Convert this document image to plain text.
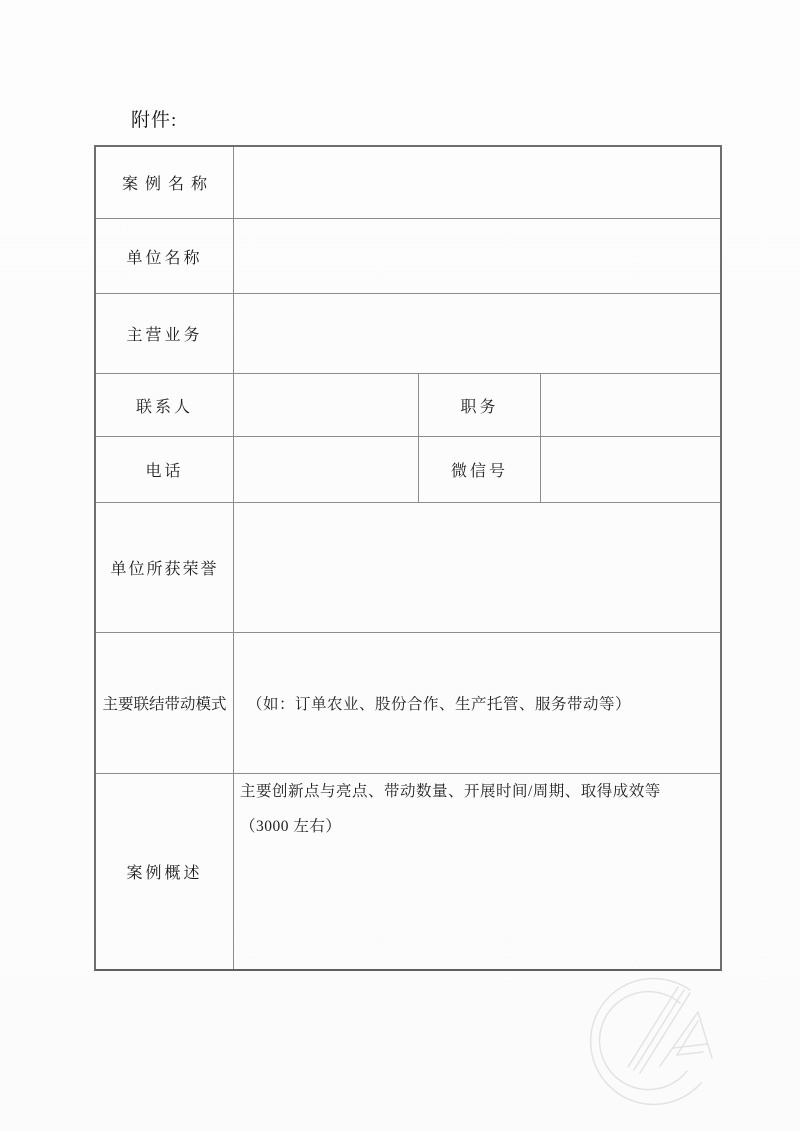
附件:
案例名称
单位名称
主营业务
联系人	职务
电话	微信号
单位所获荣誉
主要联结带动模式 （如：订单农业、股份合作、生产托管、服务带动等）
案例概述
主要创新点与亮点、带动数量、开展时间/周期、取得成效等
（3000 左右）
